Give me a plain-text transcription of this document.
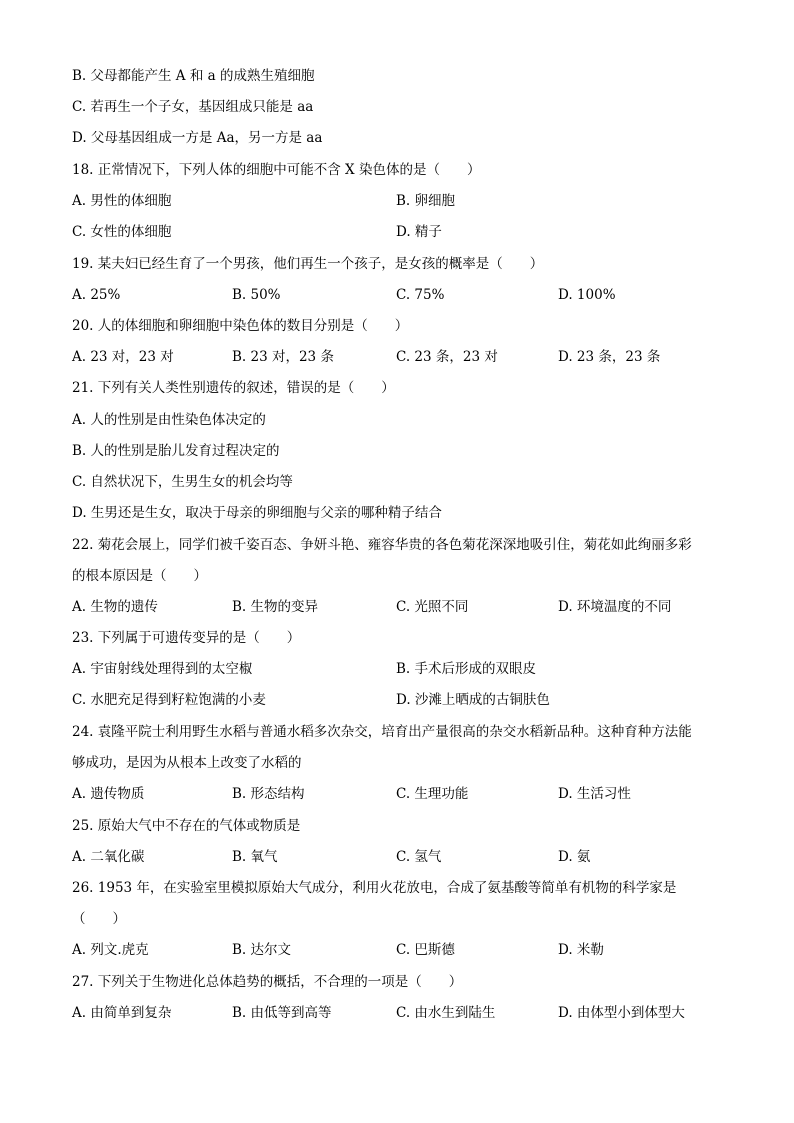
B. 父母都能产生 A 和 a 的成熟生殖细胞
C. 若再生一个子女，基因组成只能是 aa
D. 父母基因组成一方是 Aa，另一方是 aa
18. 正常情况下，下列人体的细胞中可能不含 X 染色体的是（　　）
A. 男性的体细胞	B. 卵细胞
C. 女性的体细胞	D. 精子
19. 某夫妇已经生育了一个男孩，他们再生一个孩子，是女孩的概率是（　　）
A. 25%	B. 50%	C. 75%	D. 100%
20. 人的体细胞和卵细胞中染色体的数目分别是（　　）
A. 23 对，23 对	B. 23 对，23 条	C. 23 条，23 对	D. 23 条，23 条
21. 下列有关人类性别遗传的叙述，错误的是（　　）
A. 人的性别是由性染色体决定的
B. 人的性别是胎儿发育过程决定的
C. 自然状况下，生男生女的机会均等
D. 生男还是生女，取决于母亲的卵细胞与父亲的哪种精子结合
22. 菊花会展上，同学们被千姿百态、争妍斗艳、雍容华贵的各色菊花深深地吸引住，菊花如此绚丽多彩
的根本原因是（　　）
A. 生物的遗传	B. 生物的变异	C. 光照不同	D. 环境温度的不同
23. 下列属于可遗传变异的是（　　）
A. 宇宙射线处理得到的太空椒	B. 手术后形成的双眼皮
C. 水肥充足得到籽粒饱满的小麦	D. 沙滩上晒成的古铜肤色
24. 袁隆平院士利用野生水稻与普通水稻多次杂交，培育出产量很高的杂交水稻新品种。这种育种方法能
够成功，是因为从根本上改变了水稻的
A. 遗传物质	B. 形态结构	C. 生理功能	D. 生活习性
25. 原始大气中不存在的气体或物质是
A. 二氧化碳	B. 氧气	C. 氢气	D. 氨
26. 1953 年，在实验室里模拟原始大气成分，利用火花放电，合成了氨基酸等简单有机物的科学家是
（　　）
A. 列文.虎克	B. 达尔文	C. 巴斯德	D. 米勒
27. 下列关于生物进化总体趋势的概括，不合理的一项是（　　）
A. 由简单到复杂	B. 由低等到高等	C. 由水生到陆生	D. 由体型小到体型大
